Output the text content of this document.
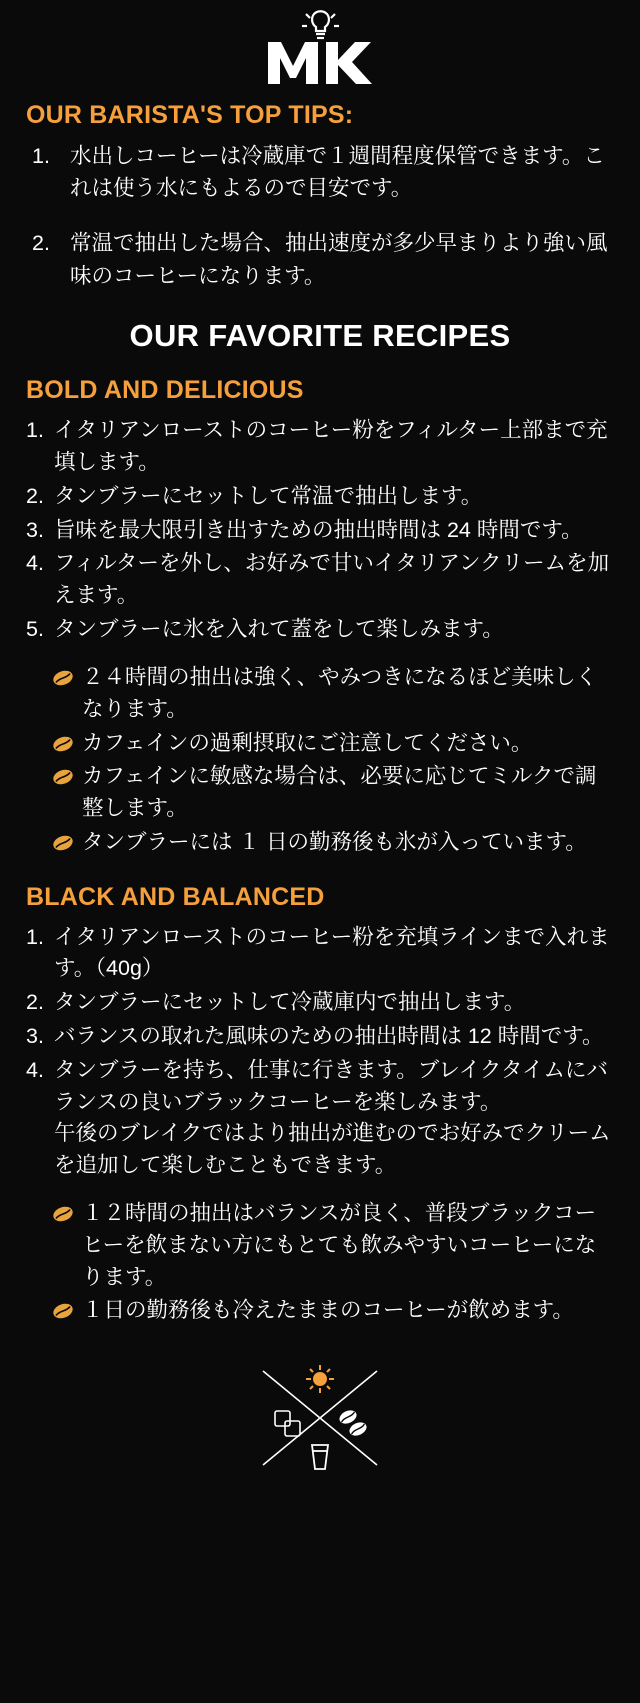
OUR BARISTA'S TOP TIPS:
水出しコーヒーは冷蔵庫で１週間程度保管できます。これは使う水にもよるので目安です。
常温で抽出した場合、抽出速度が多少早まりより強い風味のコーヒーになります。
OUR FAVORITE RECIPES
BOLD AND DELICIOUS
イタリアンローストのコーヒー粉をフィルター上部まで充填します。
タンブラーにセットして常温で抽出します。
旨味を最大限引き出すための抽出時間は 24 時間です。
フィルターを外し、お好みで甘いイタリアンクリームを加えます。
タンブラーに氷を入れて蓋をして楽しみます。
２４時間の抽出は強く、やみつきになるほど美味しくなります。
カフェインの過剰摂取にご注意してください。
カフェインに敏感な場合は、必要に応じてミルクで調整します。
タンブラーには １ 日の勤務後も氷が入っています。
BLACK AND BALANCED
イタリアンローストのコーヒー粉を充填ラインまで入れます。（40g）
タンブラーにセットして冷蔵庫内で抽出します。
バランスの取れた風味のための抽出時間は 12 時間です。
タンブラーを持ち、仕事に行きます。ブレイクタイムにバランスの良いブラックコーヒーを楽しみます。
午後のブレイクではより抽出が進むのでお好みでクリームを追加して楽しむこともできます。
１２時間の抽出はバランスが良く、普段ブラックコーヒーを飲まない方にもとても飲みやすいコーヒーになります。
１日の勤務後も冷えたままのコーヒーが飲めます。
